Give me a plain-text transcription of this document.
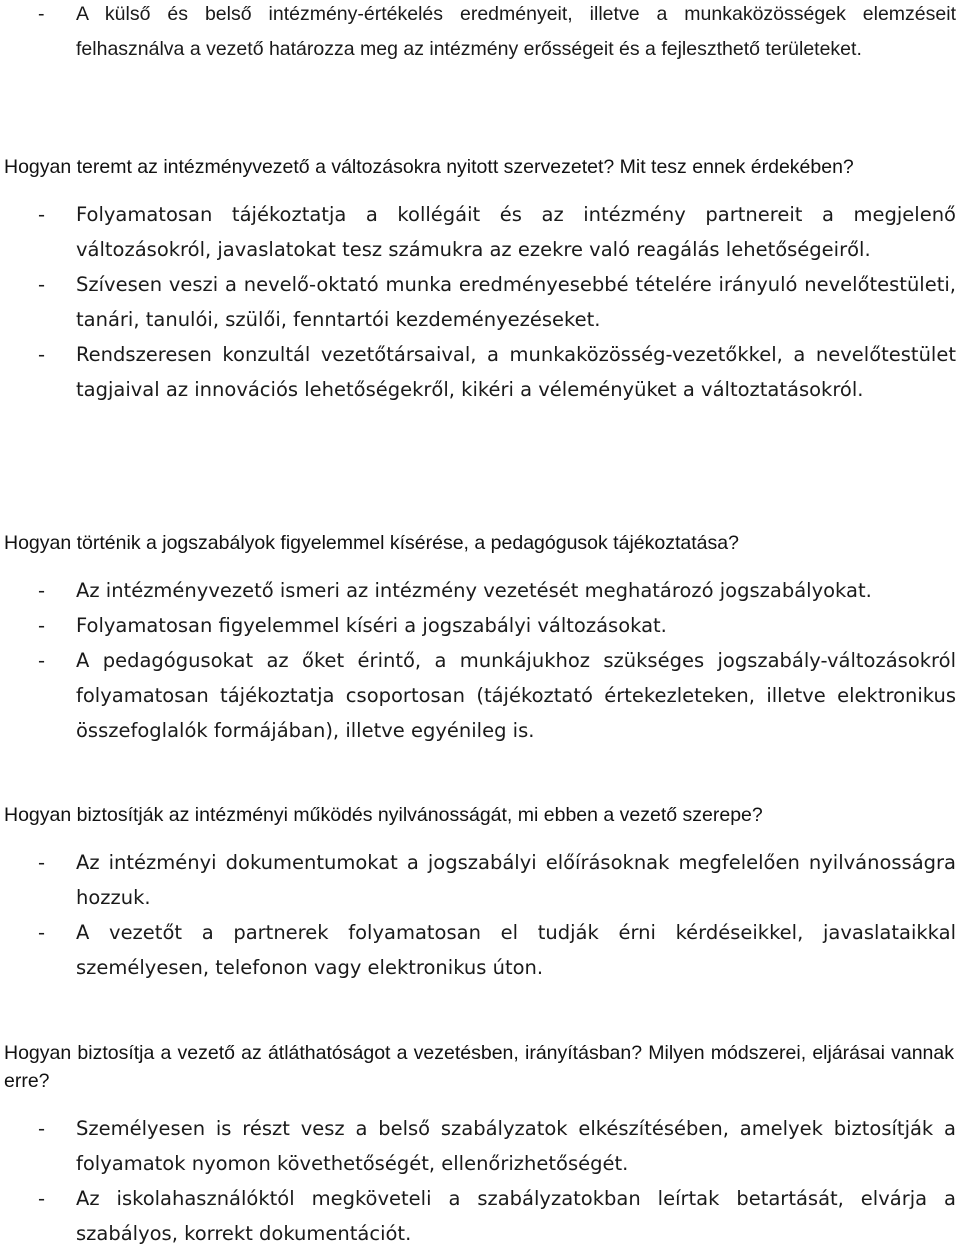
- A külső és belső intézmény-értékelés eredményeit, illetve a munkaközösségek elemzéseit felhasználva a vezető határozza meg az intézmény erősségeit és a fejleszthető területeket.

Hogyan teremt az intézményvezető a változásokra nyitott szervezetet? Mit tesz ennek érdekében?

- Folyamatosan tájékoztatja a kollégáit és az intézmény partnereit a megjelenő változásokról, javaslatokat tesz számukra az ezekre való reagálás lehetőségeiről.
- Szívesen veszi a nevelő-oktató munka eredményesebbé tételére irányuló nevelőtestületi, tanári, tanulói, szülői, fenntartói kezdeményezéseket.
- Rendszeresen konzultál vezetőtársaival, a munkaközösség-vezetőkkel, a nevelőtestület tagjaival az innovációs lehetőségekről, kikéri a véleményüket a változtatásokról.

Hogyan történik a jogszabályok figyelemmel kísérése, a pedagógusok tájékoztatása?

- Az intézményvezető ismeri az intézmény vezetését meghatározó jogszabályokat.
- Folyamatosan figyelemmel kíséri a jogszabályi változásokat.
- A pedagógusokat az őket érintő, a munkájukhoz szükséges jogszabály-változásokról folyamatosan tájékoztatja csoportosan (tájékoztató értekezleteken, illetve elektronikus összefoglalók formájában), illetve egyénileg is.

Hogyan biztosítják az intézményi működés nyilvánosságát, mi ebben a vezető szerepe?

- Az intézményi dokumentumokat a jogszabályi előírásoknak megfelelően nyilvánosságra hozzuk.
- A vezetőt a partnerek folyamatosan el tudják érni kérdéseikkel, javaslataikkal személyesen, telefonon vagy elektronikus úton.

Hogyan biztosítja a vezető az átláthatóságot a vezetésben, irányításban? Milyen módszerei, eljárásai vannak erre?

- Személyesen is részt vesz a belső szabályzatok elkészítésében, amelyek biztosítják a folyamatok nyomon követhetőségét, ellenőrizhetőségét.
- Az iskolahasználóktól megköveteli a szabályzatokban leírtak betartását, elvárja a szabályos, korrekt dokumentációt.
